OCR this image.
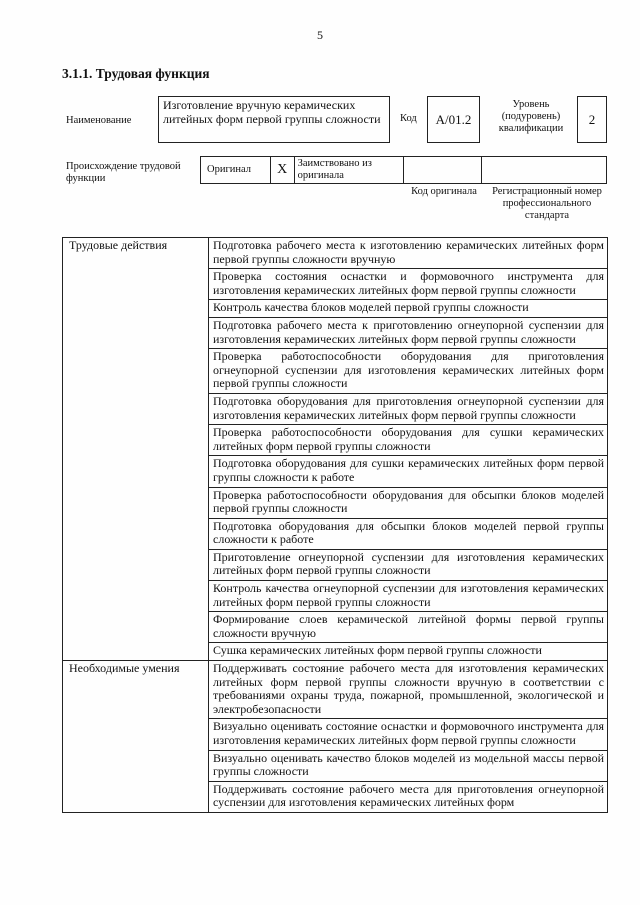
5
3.1.1. Трудовая функция
Наименование
Изготовление вручную керамических литейных форм первой группы сложности	Код	A/01.2
Уровень (подуровень) квалификации
2
Происхождение трудовой функции
Оригинал	X Заимствовано из оригинала
Код оригинала	Регистрационный номер профессионального стандарта
Трудовые действия	Подготовка рабочего места к изготовлению керамических литейных форм первой группы сложности вручную
	Проверка состояния оснастки и формовочного инструмента для изготовления керамических литейных форм первой группы сложности
	Контроль качества блоков моделей первой группы сложности
	Подготовка рабочего места к приготовлению огнеупорной суспензии для изготовления керамических литейных форм первой группы сложности
	Проверка работоспособности оборудования для приготовления огнеупорной суспензии для изготовления керамических литейных форм первой группы сложности
	Подготовка оборудования для приготовления огнеупорной суспензии для изготовления керамических литейных форм первой группы сложности
	Проверка работоспособности оборудования для сушки керамических литейных форм первой группы сложности
	Подготовка оборудования для сушки керамических литейных форм первой группы сложности к работе
	Проверка работоспособности оборудования для обсыпки блоков моделей первой группы сложности
	Подготовка оборудования для обсыпки блоков моделей первой группы сложности к работе
	Приготовление огнеупорной суспензии для изготовления керамических литейных форм первой группы сложности
	Контроль качества огнеупорной суспензии для изготовления керамических литейных форм первой группы сложности
	Формирование слоев керамической литейной формы первой группы сложности вручную
	Сушка керамических литейных форм первой группы сложности
Необходимые умения	Поддерживать состояние рабочего места для изготовления керамических литейных форм первой группы сложности вручную в соответствии с требованиями охраны труда, пожарной, промышленной, экологической и электробезопасности
	Визуально оценивать состояние оснастки и формовочного инструмента для изготовления керамических литейных форм первой группы сложности
	Визуально оценивать качество блоков моделей из модельной массы первой группы сложности
	Поддерживать состояние рабочего места для приготовления огнеупорной суспензии для изготовления керамических литейных форм
